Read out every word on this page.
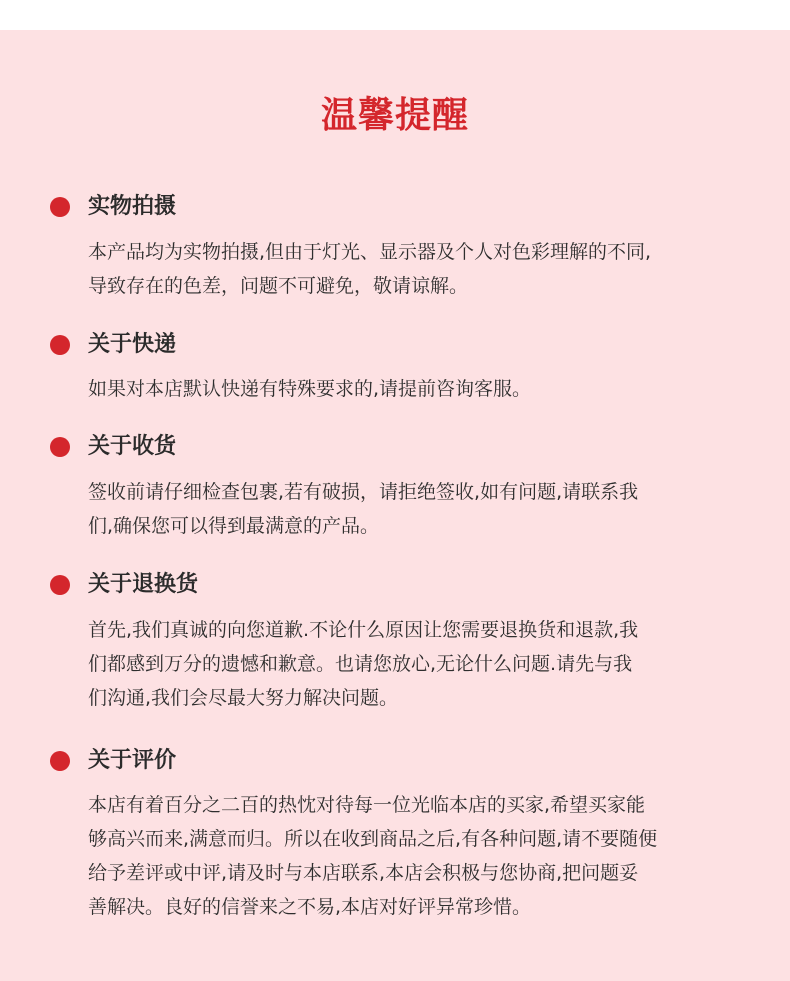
温馨提醒
实物拍摄
本产品均为实物拍摄,但由于灯光、显示器及个人对色彩理解的不同,
导致存在的色差，问题不可避免，敬请谅解。
关于快递
如果对本店默认快递有特殊要求的,请提前咨询客服。
关于收货
签收前请仔细检查包裹,若有破损，请拒绝签收,如有问题,请联系我
们,确保您可以得到最满意的产品。
关于退换货
首先,我们真诚的向您道歉.不论什么原因让您需要退换货和退款,我
们都感到万分的遗憾和歉意。也请您放心,无论什么问题.请先与我
们沟通,我们会尽最大努力解决问题。
关于评价
本店有着百分之二百的热忱对待每一位光临本店的买家,希望买家能
够高兴而来,满意而归。所以在收到商品之后,有各种问题,请不要随便
给予差评或中评,请及时与本店联系,本店会积极与您协商,把问题妥
善解决。良好的信誉来之不易,本店对好评异常珍惜。
